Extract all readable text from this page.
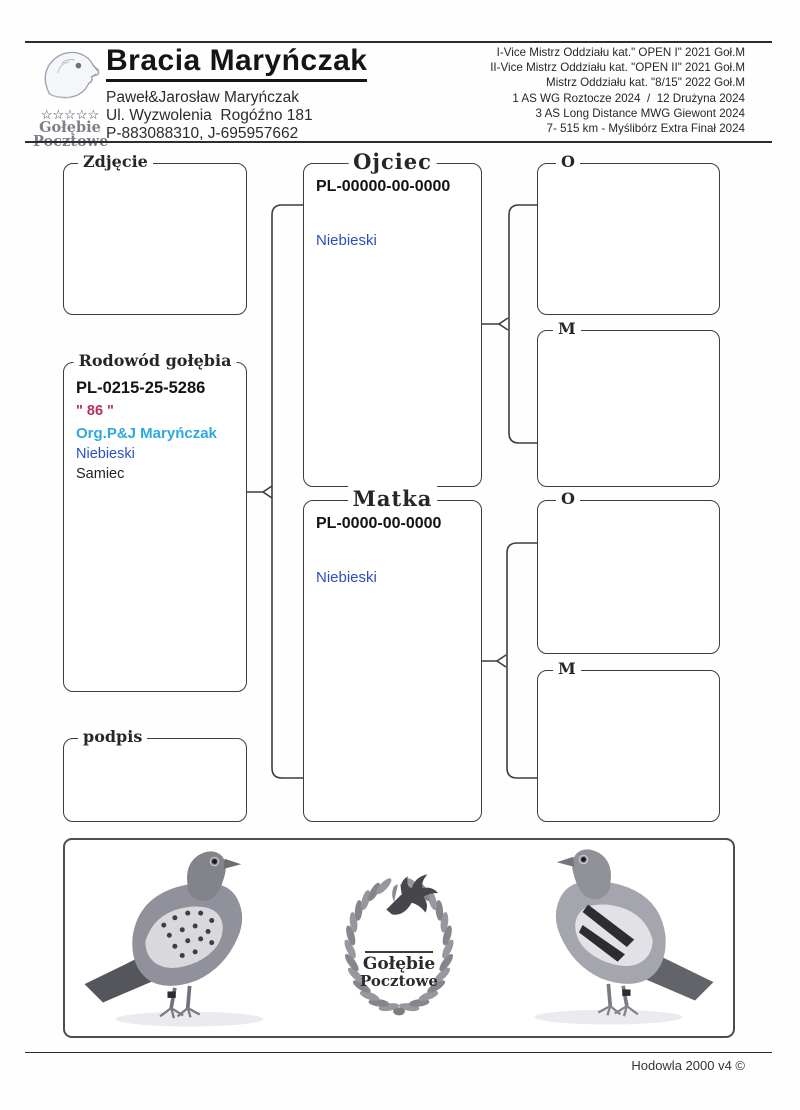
☆☆☆☆☆
Gołębie
Pocztowe
Bracia Maryńczak
Paweł&Jarosław Maryńczak
Ul. Wyzwolenia  Rogóźno 181
P-883088310, J-695957662
I-Vice Mistrz Oddziału kat." OPEN I" 2021 Goł.M
II-Vice Mistrz Oddziału kat. "OPEN II" 2021 Goł.M
Mistrz Oddziału kat. "8/15" 2022 Goł.M
1 AS WG Roztocze 2024  /  12 Drużyna 2024
3 AS Long Distance MWG Giewont 2024
7- 515 km - Myślibórz Extra Finał 2024
Zdjęcie
Rodowód gołębia
PL-0215-25-5286
" 86 "
Org.P&J Maryńczak
Niebieski
Samiec
podpis
Ojciec
PL-00000-00-0000
Niebieski
Matka
PL-0000-00-0000
Niebieski
O
M
O
M
Gołębie
Pocztowe
Hodowla 2000 v4 ©
